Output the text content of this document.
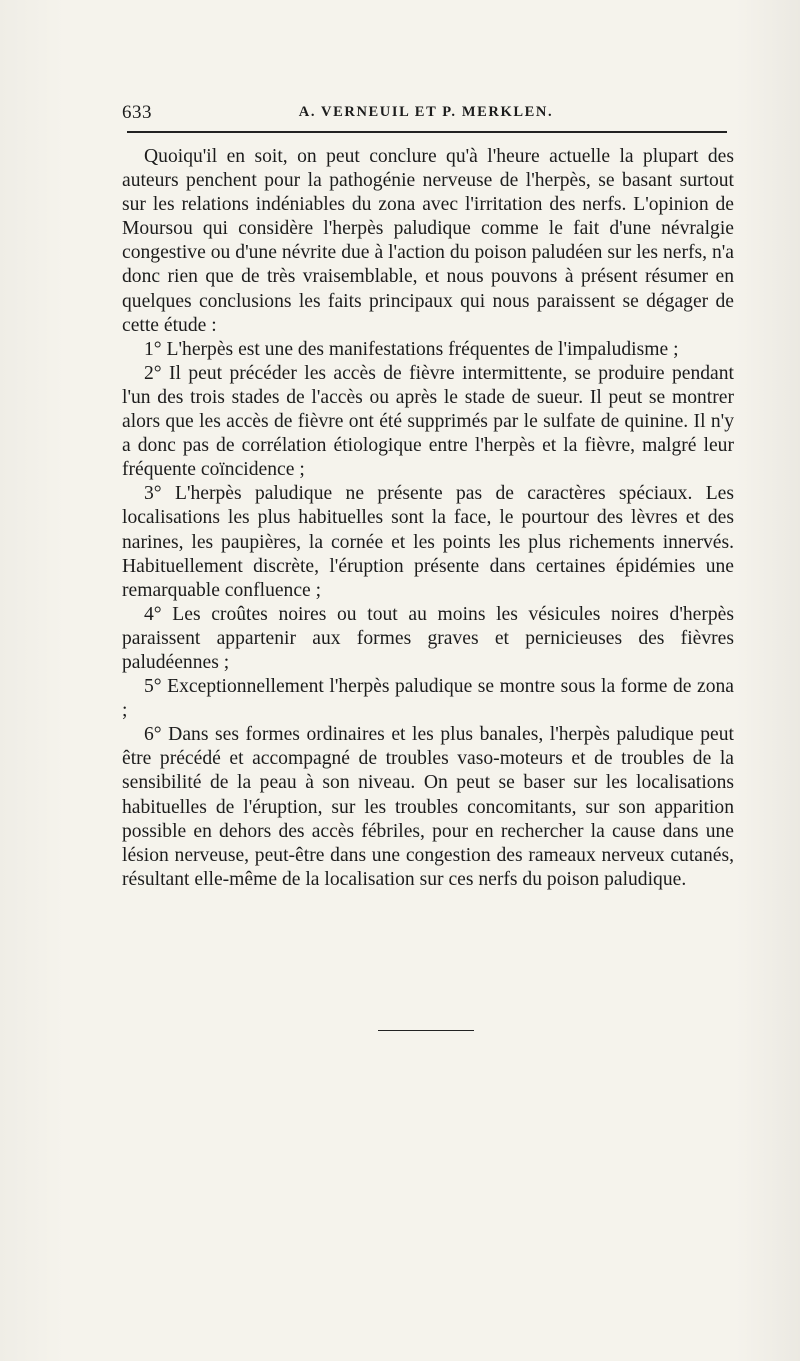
633	A. VERNEUIL ET P. MERKLEN.

Quoiqu'il en soit, on peut conclure qu'à l'heure actuelle la plupart des auteurs penchent pour la pathogénie nerveuse de l'herpès, se basant surtout sur les relations indéniables du zona avec l'irritation des nerfs. L'opinion de Moursou qui considère l'herpès paludique comme le fait d'une névralgie congestive ou d'une névrite due à l'action du poison paludéen sur les nerfs, n'a donc rien que de très vraisemblable, et nous pouvons à présent résumer en quelques conclusions les faits principaux qui nous paraissent se dégager de cette étude :

1° L'herpès est une des manifestations fréquentes de l'impaludisme ;

2° Il peut précéder les accès de fièvre intermittente, se produire pendant l'un des trois stades de l'accès ou après le stade de sueur. Il peut se montrer alors que les accès de fièvre ont été supprimés par le sulfate de quinine. Il n'y a donc pas de corrélation étiologique entre l'herpès et la fièvre, malgré leur fréquente coïncidence ;

3° L'herpès paludique ne présente pas de caractères spéciaux. Les localisations les plus habituelles sont la face, le pourtour des lèvres et des narines, les paupières, la cornée et les points les plus richements innervés. Habituellement discrète, l'éruption présente dans certaines épidémies une remarquable confluence ;

4° Les croûtes noires ou tout au moins les vésicules noires d'herpès paraissent appartenir aux formes graves et pernicieuses des fièvres paludéennes ;

5° Exceptionnellement l'herpès paludique se montre sous la forme de zona ;

6° Dans ses formes ordinaires et les plus banales, l'herpès paludique peut être précédé et accompagné de troubles vaso-moteurs et de troubles de la sensibilité de la peau à son niveau. On peut se baser sur les localisations habituelles de l'éruption, sur les troubles concomitants, sur son apparition possible en dehors des accès fébriles, pour en rechercher la cause dans une lésion nerveuse, peut-être dans une congestion des rameaux nerveux cutanés, résultant elle-même de la localisation sur ces nerfs du poison paludique.
